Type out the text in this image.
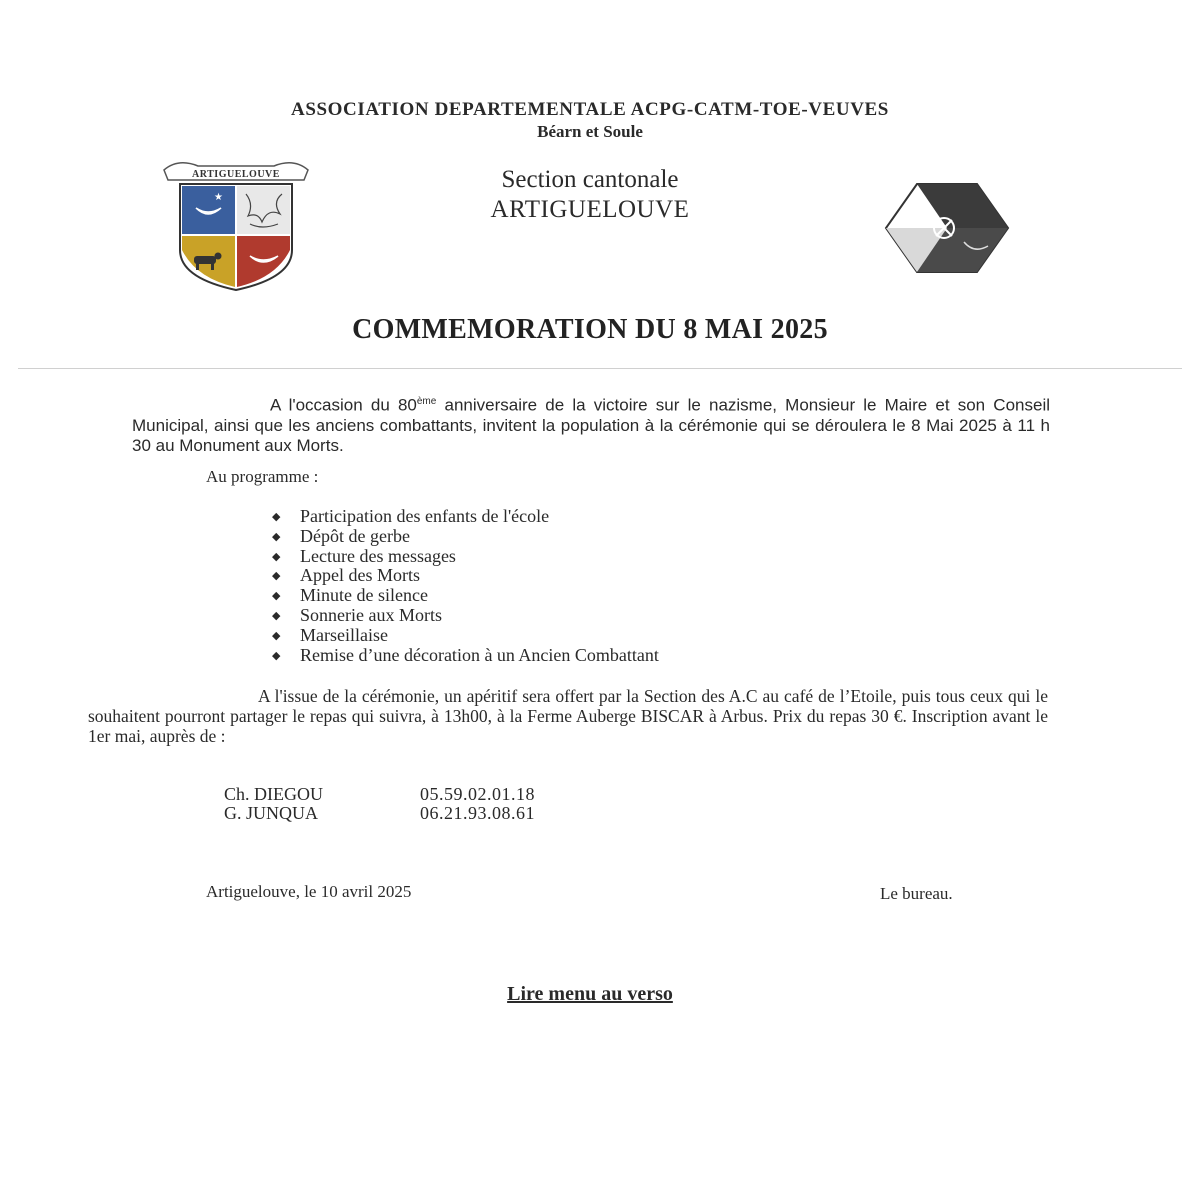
ASSOCIATION DEPARTEMENTALE ACPG-CATM-TOE-VEUVES
Béarn et Soule
ARTIGUELOUVE
★
Section cantonale
ARTIGUELOUVE
COMMEMORATION DU 8 MAI 2025

A l'occasion du 80ème anniversaire de la victoire sur le nazisme, Monsieur le Maire et son Conseil Municipal, ainsi que les anciens combattants, invitent la population à la cérémonie qui se déroulera le 8 Mai 2025 à 11 h 30 au Monument aux Morts.

Au programme :
◆ Participation des enfants de l'école
◆ Dépôt de gerbe
◆ Lecture des messages
◆ Appel des Morts
◆ Minute de silence
◆ Sonnerie aux Morts
◆ Marseillaise
◆ Remise d’une décoration à un Ancien Combattant

A l'issue de la cérémonie, un apéritif sera offert par la Section des A.C au café de l’Etoile, puis tous ceux qui le souhaitent pourront partager le repas qui suivra, à 13h00, à la Ferme Auberge BISCAR à Arbus. Prix du repas 30 €. Inscription avant le 1er mai, auprès de :

Ch. DIEGOU	05.59.02.01.18
G. JUNQUA	06.21.93.08.61
Artiguelouve, le 10 avril 2025	Le bureau.
Lire menu au verso
